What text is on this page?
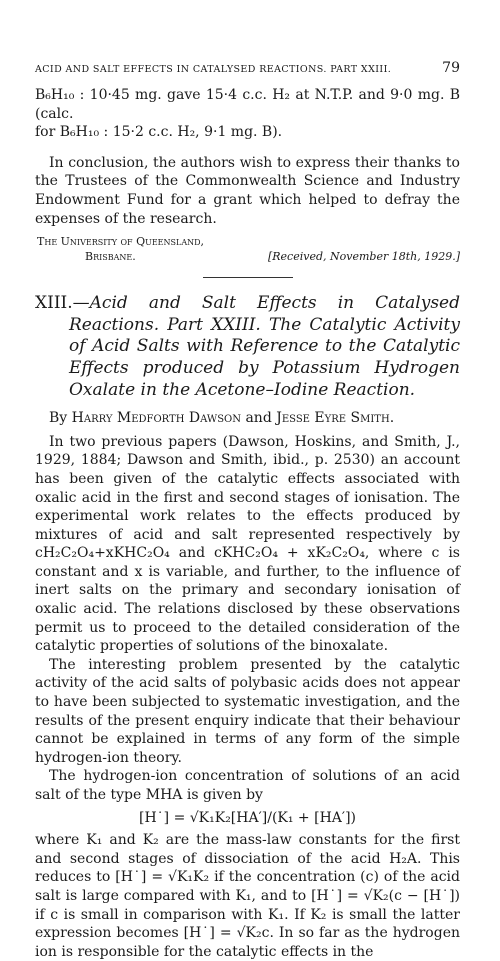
ACID AND SALT EFFECTS IN CATALYSED REACTIONS. PART XXIII.	79

B₆H₁₀ : 10·45 mg. gave 15·4 c.c. H₂ at N.T.P. and 9·0 mg. B (calc.
for B₆H₁₀ : 15·2 c.c. H₂, 9·1 mg. B).

In conclusion, the authors wish to express their thanks to the Trustees of the Commonwealth Science and Industry Endowment Fund for a grant which helped to defray the expenses of the research.

The University of Queensland,
Brisbane.	[Received, November 18th, 1929.]

XIII.—Acid and Salt Effects in Catalysed Reactions. Part XXIII. The Catalytic Activity of Acid Salts with Reference to the Catalytic Effects produced by Potassium Hydrogen Oxalate in the Acetone–Iodine Reaction.

By Harry Medforth Dawson and Jesse Eyre Smith.

In two previous papers (Dawson, Hoskins, and Smith, J., 1929, 1884; Dawson and Smith, ibid., p. 2530) an account has been given of the catalytic effects associated with oxalic acid in the first and second stages of ionisation. The experimental work relates to the effects produced by mixtures of acid and salt represented respectively by cH₂C₂O₄+xKHC₂O₄ and cKHC₂O₄ + xK₂C₂O₄, where c is constant and x is variable, and further, to the influence of inert salts on the primary and secondary ionisation of oxalic acid. The relations disclosed by these observations permit us to proceed to the detailed consideration of the catalytic properties of solutions of the binoxalate.

The interesting problem presented by the catalytic activity of the acid salts of polybasic acids does not appear to have been subjected to systematic investigation, and the results of the present enquiry indicate that their behaviour cannot be explained in terms of any form of the simple hydrogen-ion theory.

The hydrogen-ion concentration of solutions of an acid salt of the type MHA is given by

[H˙] = √K₁K₂[HA′]/(K₁ + [HA′])

where K₁ and K₂ are the mass-law constants for the first and second stages of dissociation of the acid H₂A. This reduces to [H˙] = √K₁K₂ if the concentration (c) of the acid salt is large compared with K₁, and to [H˙] = √K₂(c − [H˙]) if c is small in comparison with K₁. If K₂ is small the latter expression becomes [H˙] = √K₂c. In so far as the hydrogen ion is responsible for the catalytic effects in the
